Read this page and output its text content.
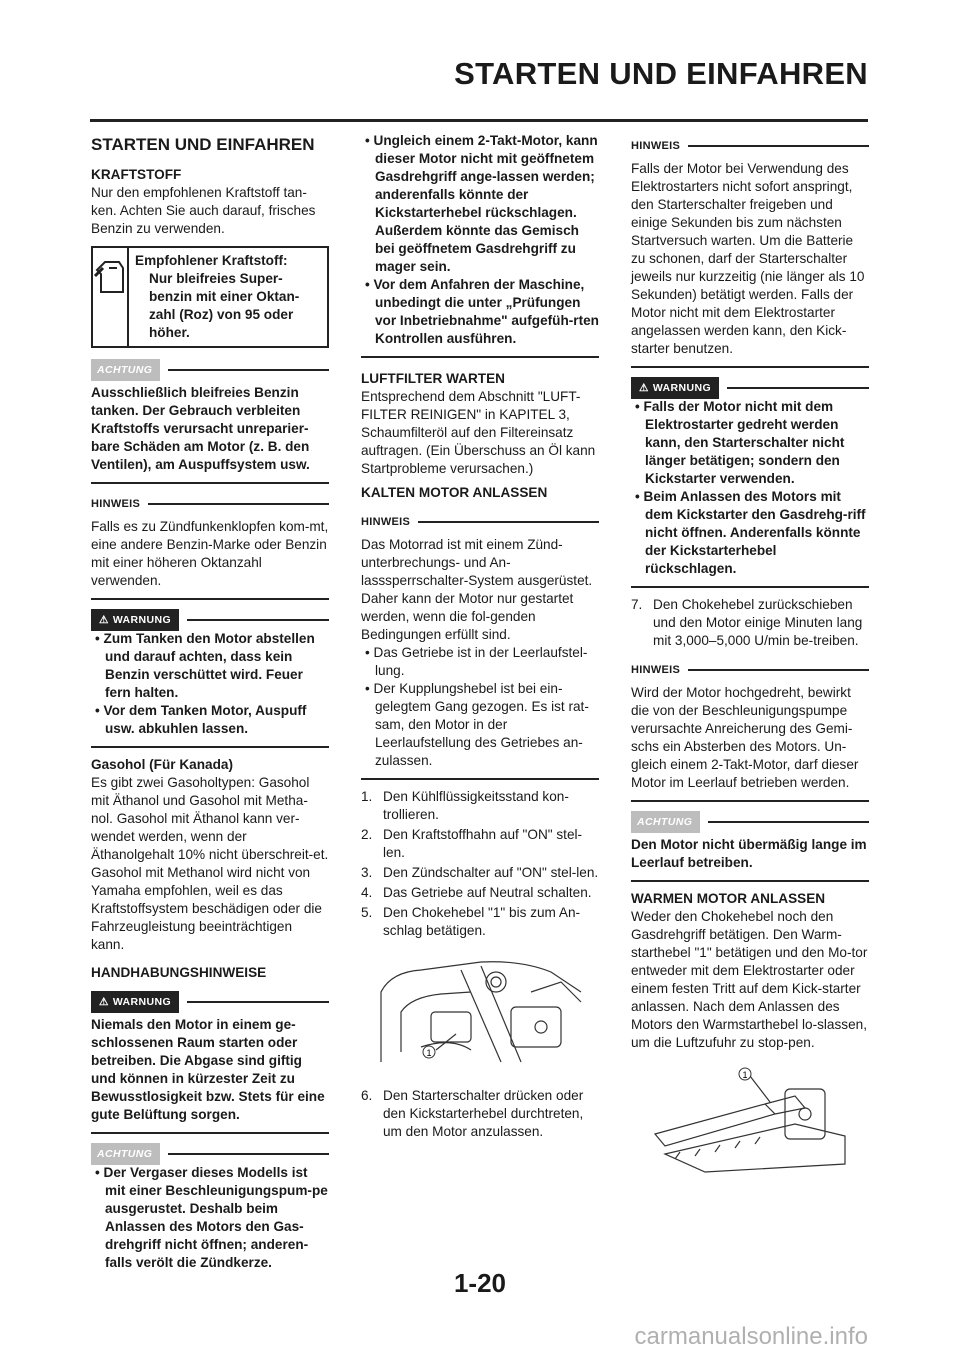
STARTEN UND EINFAHREN
STARTEN UND EINFAHREN
KRAFTSTOFF

Nur den empfohlenen Kraftstoff tan-ken. Achten Sie auch darauf, frisches Benzin zu verwenden.

Empfohlener Kraftstoff:
Nur bleifreies Super-benzin mit einer Oktan-zahl (Roz) von 95 oder höher.
ACHTUNG
Ausschließlich bleifreies Benzin tanken. Der Gebrauch verbleiten Kraftstoffs verursacht unreparier-bare Schäden am Motor (z. B. den Ventilen), am Auspuffsystem usw.
HINWEIS
Falls es zu Zündfunkenklopfen kom-mt, eine andere Benzin-Marke oder Benzin mit einer höheren Oktanzahl verwenden.
⚠ WARNUNG
• Zum Tanken den Motor abstellen und darauf achten, dass kein Benzin verschüttet wird. Feuer fern halten.
• Vor dem Tanken Motor, Auspuff usw. abkuhlen lassen.
Gasohol (Für Kanada)

Es gibt zwei Gasoholtypen: Gasohol mit Äthanol und Gasohol mit Metha-nol. Gasohol mit Äthanol kann ver-wendet werden, wenn der Äthanolgehalt 10% nicht überschreit-et. Gasohol mit Methanol wird nicht von Yamaha empfohlen, weil es das Kraftstoffsystem beschädigen oder die Fahrzeugleistung beeinträchtigen kann.

HANDHABUNGSHINWEISE
⚠ WARNUNG
Niemals den Motor in einem ge-schlossenen Raum starten oder betreiben. Die Abgase sind giftig und können in kürzester Zeit zu Bewusstlosigkeit bzw. Stets für eine gute Belüftung sorgen.
ACHTUNG
• Der Vergaser dieses Modells ist mit einer Beschleunigungspum-pe ausgerustet. Deshalb beim Anlassen des Motors den Gas-drehgriff nicht öffnen; anderen-falls verölt die Zündkerze.
• Ungleich einem 2-Takt-Motor, kann dieser Motor nicht mit geöffnetem Gasdrehgriff ange-lassen werden; anderenfalls könnte der Kickstarterhebel rückschlagen. Außerdem könnte das Gemisch bei geöffnetem Gasdrehgriff zu mager sein.
• Vor dem Anfahren der Maschine, unbedingt die unter „Prüfungen vor Inbetriebnahme" aufgefüh-rten Kontrollen ausführen.
LUFTFILTER WARTEN

Entsprechend dem Abschnitt "LUFT-FILTER REINIGEN" in KAPITEL 3, Schaumfilteröl auf den Filtereinsatz auftragen. (Ein Überschuss an Öl kann Startprobleme verursachen.)

KALTEN MOTOR ANLASSEN
HINWEIS
Das Motorrad ist mit einem Zünd-unterbrechungs- und An-lasssperrschalter-System ausgerüstet. Daher kann der Motor nur gestartet werden, wenn die fol-genden Bedingungen erfüllt sind.
• Das Getriebe ist in der Leerlaufstel-lung.
• Der Kupplungshebel ist bei ein-gelegtem Gang gezogen. Es ist rat-sam, den Motor in der Leerlaufstellung des Getriebes an-zulassen.
1. Den Kühlflüssigkeitsstand kon-trollieren.
2. Den Kraftstoffhahn auf "ON" stel-len.
3. Den Zündschalter auf "ON" stel-len.
4. Das Getriebe auf Neutral schalten.
5. Den Chokehebel "1" bis zum An-schlag betätigen.
1
6. Den Starterschalter drücken oder den Kickstarterhebel durchtreten, um den Motor anzulassen.
HINWEIS
Falls der Motor bei Verwendung des Elektrostarters nicht sofort anspringt, den Starterschalter freigeben und einige Sekunden bis zum nächsten Startversuch warten. Um die Batterie zu schonen, darf der Starterschalter jeweils nur kurzzeitig (nie länger als 10 Sekunden) betätigt werden. Falls der Motor nicht mit dem Elektrostarter angelassen werden kann, den Kick-starter benutzen.
⚠ WARNUNG
• Falls der Motor nicht mit dem Elektrostarter gedreht werden kann, den Starterschalter nicht länger betätigen; sondern den Kickstarter verwenden.
• Beim Anlassen des Motors mit dem Kickstarter den Gasdrehg-riff nicht öffnen. Anderenfalls könnte der Kickstarterhebel rückschlagen.
7. Den Chokehebel zurückschieben und den Motor einige Minuten lang mit 3,000–5,000 U/min be-treiben.
HINWEIS
Wird der Motor hochgedreht, bewirkt die von der Beschleunigungspumpe verursachte Anreicherung des Gemi-schs ein Absterben des Motors. Un-gleich einem 2-Takt-Motor, darf dieser Motor im Leerlauf betrieben werden.
ACHTUNG
Den Motor nicht übermäßig lange im Leerlauf betreiben.
WARMEN MOTOR ANLASSEN

Weder den Chokehebel noch den Gasdrehgriff betätigen. Den Warm-starthebel "1" betätigen und den Mo-tor entweder mit dem Elektrostarter oder einem festen Tritt auf dem Kick-starter anlassen. Nach dem Anlassen des Motors den Warmstarthebel lo-slassen, um die Luftzufuhr zu stop-pen.

1
1-20
carmanualsonline.info
